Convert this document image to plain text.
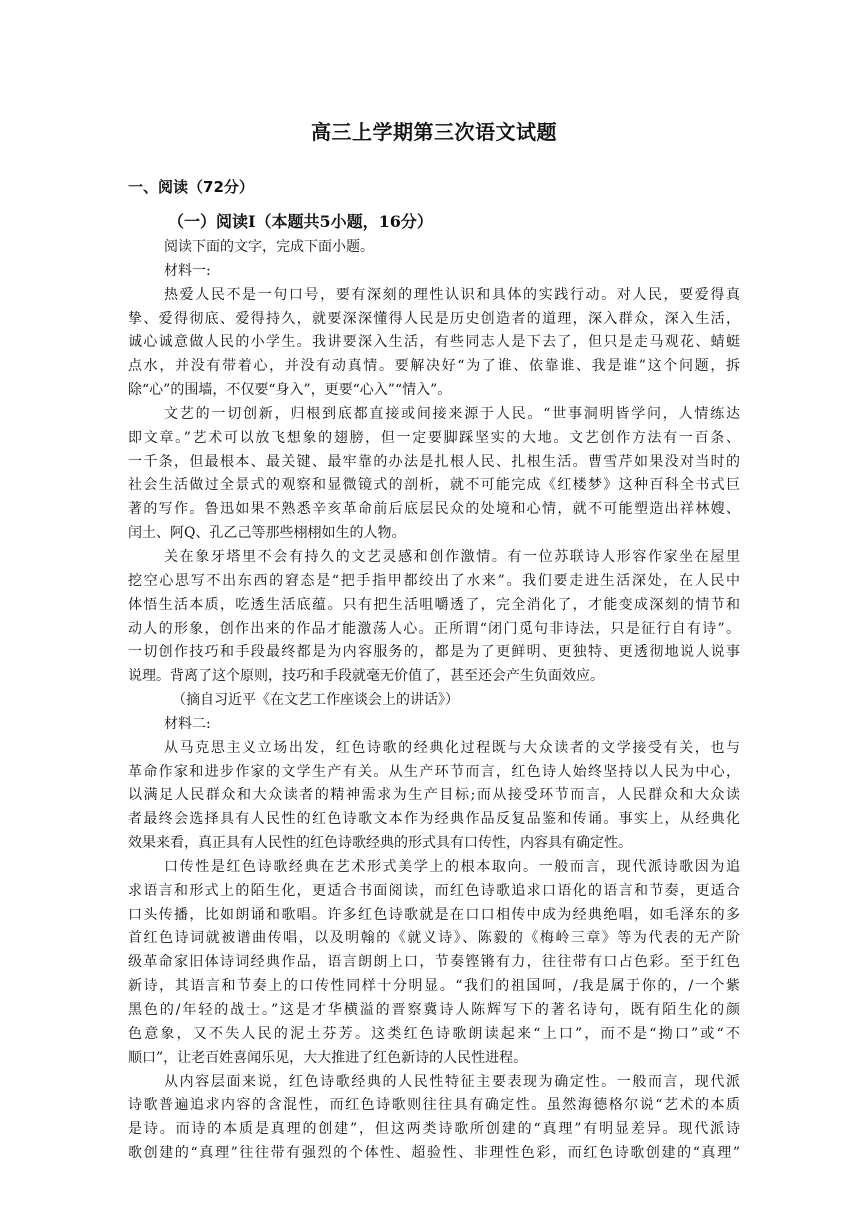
高三上学期第三次语文试题
一、阅读（72分）
（一）阅读Ⅰ（本题共5小题，16分）
阅读下面的文字，完成下面小题。
材料一:
热爱人民不是一句口号，要有深刻的理性认识和具体的实践行动。对人民，要爱得真
挚、爱得彻底、爱得持久，就要深深懂得人民是历史创造者的道理，深入群众，深入生活，
诚心诚意做人民的小学生。我讲要深入生活，有些同志人是下去了，但只是走马观花、蜻蜓
点水，并没有带着心，并没有动真情。要解决好“为了谁、依靠谁、我是谁”这个问题，拆
除“心”的围墙，不仅要“身入”，更要“心入”“情入”。
文艺的一切创新，归根到底都直接或间接来源于人民。“世事洞明皆学问，人情练达
即文章。”艺术可以放飞想象的翅膀，但一定要脚踩坚实的大地。文艺创作方法有一百条、
一千条，但最根本、最关键、最牢靠的办法是扎根人民、扎根生活。曹雪芹如果没对当时的
社会生活做过全景式的观察和显微镜式的剖析，就不可能完成《红楼梦》这种百科全书式巨
著的写作。鲁迅如果不熟悉辛亥革命前后底层民众的处境和心情，就不可能塑造出祥林嫂、
闰土、阿Q、孔乙己等那些栩栩如生的人物。
关在象牙塔里不会有持久的文艺灵感和创作激情。有一位苏联诗人形容作家坐在屋里
挖空心思写不出东西的窘态是“把手指甲都绞出了水来”。我们要走进生活深处，在人民中
体悟生活本质，吃透生活底蕴。只有把生活咀嚼透了，完全消化了，才能变成深刻的情节和
动人的形象，创作出来的作品才能激荡人心。正所谓“闭门觅句非诗法，只是征行自有诗”。
一切创作技巧和手段最终都是为内容服务的，都是为了更鲜明、更独特、更透彻地说人说事
说理。背离了这个原则，技巧和手段就毫无价值了，甚至还会产生负面效应。
（摘自习近平《在文艺工作座谈会上的讲话》）
材料二:
从马克思主义立场出发，红色诗歌的经典化过程既与大众读者的文学接受有关，也与
革命作家和进步作家的文学生产有关。从生产环节而言，红色诗人始终坚持以人民为中心，
以满足人民群众和大众读者的精神需求为生产目标;而从接受环节而言，人民群众和大众读
者最终会选择具有人民性的红色诗歌文本作为经典作品反复品鉴和传诵。事实上，从经典化
效果来看，真正具有人民性的红色诗歌经典的形式具有口传性，内容具有确定性。
口传性是红色诗歌经典在艺术形式美学上的根本取向。一般而言，现代派诗歌因为追
求语言和形式上的陌生化，更适合书面阅读，而红色诗歌追求口语化的语言和节奏，更适合
口头传播，比如朗诵和歌唱。许多红色诗歌就是在口口相传中成为经典绝唱，如毛泽东的多
首红色诗词就被谱曲传唱，以及明翰的《就义诗》、陈毅的《梅岭三章》等为代表的无产阶
级革命家旧体诗词经典作品，语言朗朗上口，节奏铿锵有力，往往带有口占色彩。至于红色
新诗，其语言和节奏上的口传性同样十分明显。“我们的祖国呵，/我是属于你的，/一个紫
黑色的/年轻的战士。”这是才华横溢的晋察冀诗人陈辉写下的著名诗句，既有陌生化的颜
色意象，又不失人民的泥土芬芳。这类红色诗歌朗读起来“上口”，而不是“拗口”或“不
顺口”，让老百姓喜闻乐见，大大推进了红色新诗的人民性进程。
从内容层面来说，红色诗歌经典的人民性特征主要表现为确定性。一般而言，现代派
诗歌普遍追求内容的含混性，而红色诗歌则往往具有确定性。虽然海德格尔说“艺术的本质
是诗。而诗的本质是真理的创建”，但这两类诗歌所创建的“真理”有明显差异。现代派诗
歌创建的“真理”往往带有强烈的个体性、超验性、非理性色彩，而红色诗歌创建的“真理”
